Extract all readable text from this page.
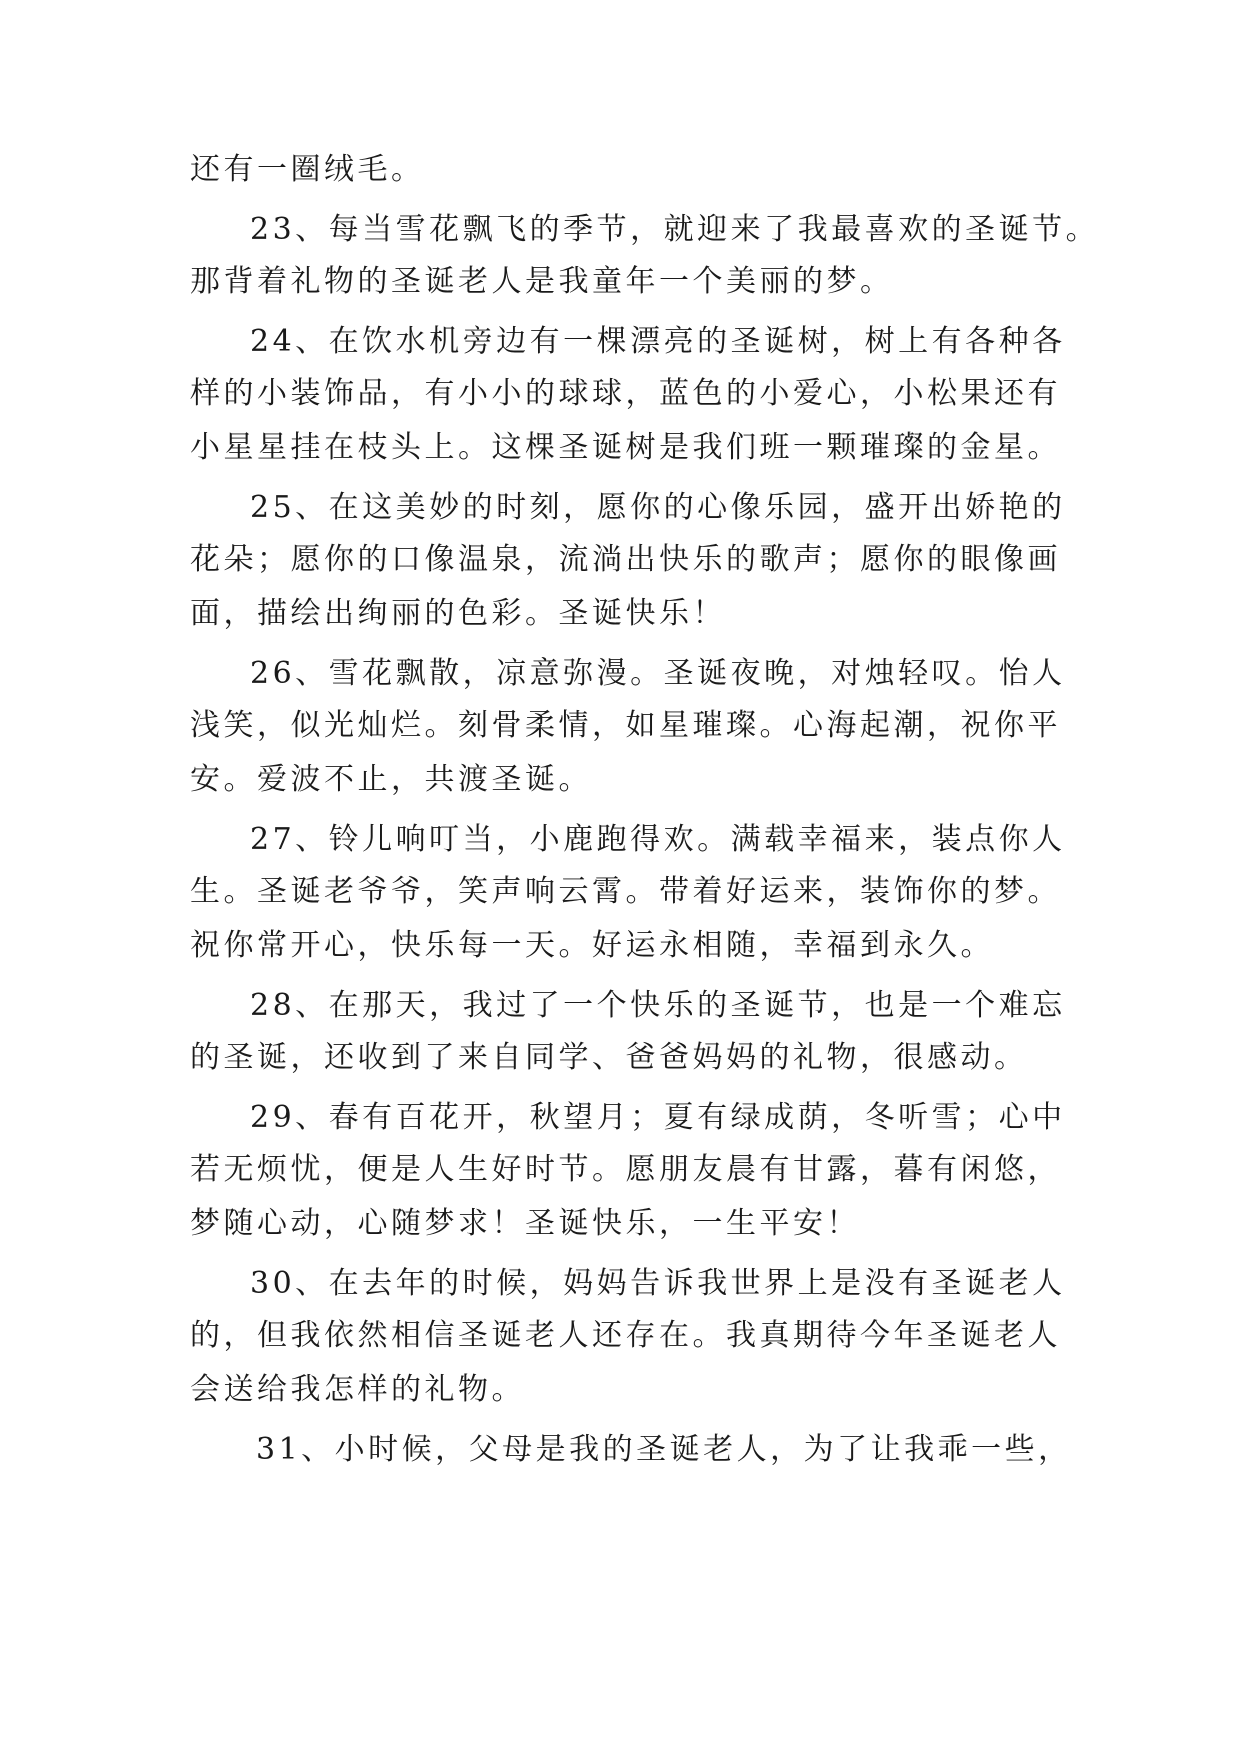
还有一圈绒毛。
23、每当雪花飘飞的季节，就迎来了我最喜欢的圣诞节。
那背着礼物的圣诞老人是我童年一个美丽的梦。
24、在饮水机旁边有一棵漂亮的圣诞树，树上有各种各
样的小装饰品，有小小的球球，蓝色的小爱心，小松果还有
小星星挂在枝头上。这棵圣诞树是我们班一颗璀璨的金星。
25、在这美妙的时刻，愿你的心像乐园，盛开出娇艳的
花朵；愿你的口像温泉，流淌出快乐的歌声；愿你的眼像画
面，描绘出绚丽的色彩。圣诞快乐！
26、雪花飘散，凉意弥漫。圣诞夜晚，对烛轻叹。怡人
浅笑，似光灿烂。刻骨柔情，如星璀璨。心海起潮，祝你平
安。爱波不止，共渡圣诞。
27、铃儿响叮当，小鹿跑得欢。满载幸福来，装点你人
生。圣诞老爷爷，笑声响云霄。带着好运来，装饰你的梦。
祝你常开心，快乐每一天。好运永相随，幸福到永久。
28、在那天，我过了一个快乐的圣诞节，也是一个难忘
的圣诞，还收到了来自同学、爸爸妈妈的礼物，很感动。
29、春有百花开，秋望月；夏有绿成荫，冬听雪；心中
若无烦忧，便是人生好时节。愿朋友晨有甘露，暮有闲悠，
梦随心动，心随梦求！圣诞快乐，一生平安！
30、在去年的时候，妈妈告诉我世界上是没有圣诞老人
的，但我依然相信圣诞老人还存在。我真期待今年圣诞老人
会送给我怎样的礼物。
31、小时候，父母是我的圣诞老人，为了让我乖一些，
